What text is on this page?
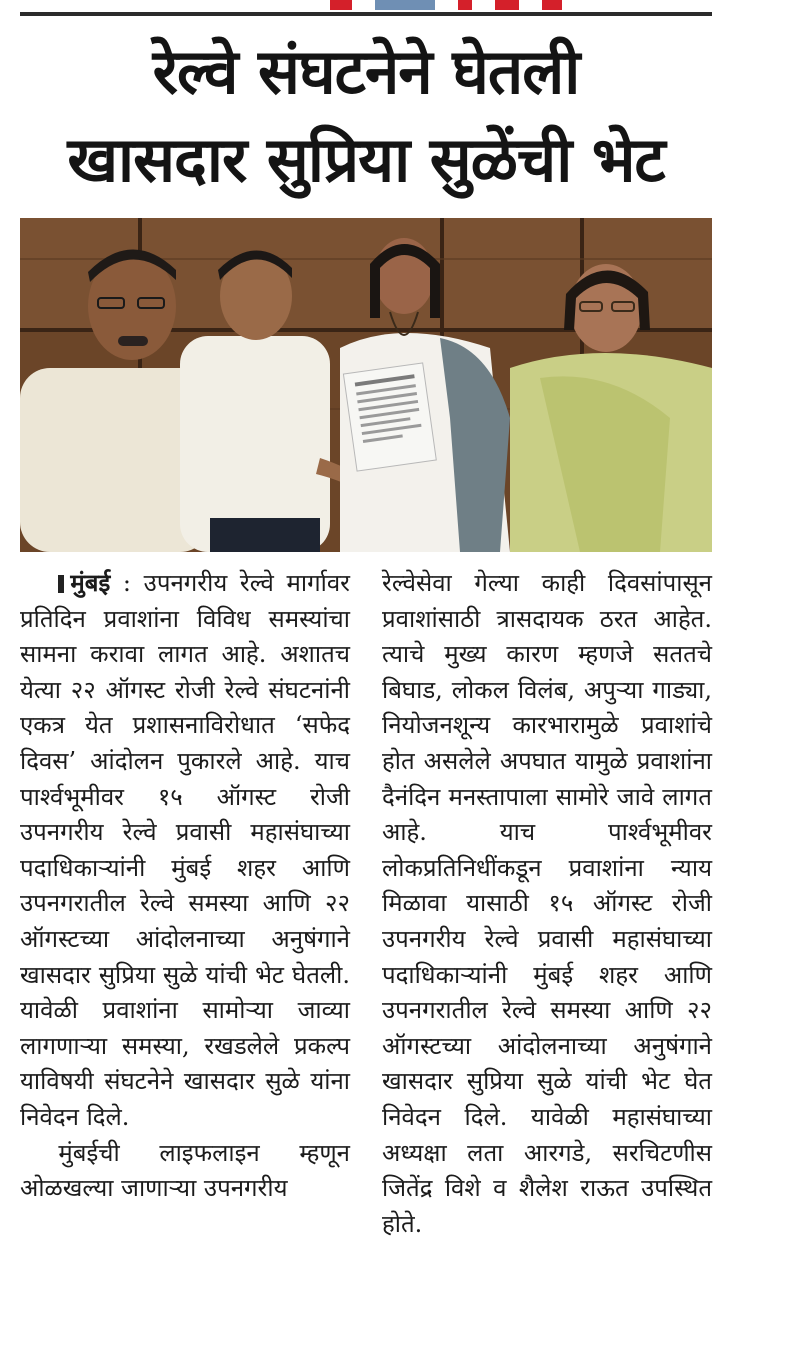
रेल्वे संघटनेने घेतली
खासदार सुप्रिया सुळेंची भेट

मुंबई : उपनगरीय रेल्वे मार्गावर प्रतिदिन प्रवाशांना विविध समस्यांचा सामना करावा लागत आहे. अशातच येत्या २२ ऑगस्ट रोजी रेल्वे संघटनांनी एकत्र येत प्रशासनाविरोधात ‘सफेद दिवस’ आंदोलन पुकारले आहे. याच पार्श्वभूमीवर १५ ऑगस्ट रोजी उपनगरीय रेल्वे प्रवासी महासंघाच्या पदाधिकाऱ्यांनी मुंबई शहर आणि उपनगरातील रेल्वे समस्या आणि २२ ऑगस्टच्या आंदोलनाच्या अनुषंगाने खासदार सुप्रिया सुळे यांची भेट घेतली. यावेळी प्रवाशांना सामोऱ्या जाव्या लागणाऱ्या समस्या, रखडलेले प्रकल्प याविषयी संघटनेने खासदार सुळे यांना निवेदन दिले.

मुंबईची लाइफलाइन म्हणून ओळखल्या जाणाऱ्या उपनगरीय

रेल्वेसेवा गेल्या काही दिवसांपासून प्रवाशांसाठी त्रासदायक ठरत आहेत. त्याचे मुख्य कारण म्हणजे सततचे बिघाड, लोकल विलंब, अपुऱ्या गाड्या, नियोजनशून्य कारभारामुळे प्रवाशांचे होत असलेले अपघात यामुळे प्रवाशांना दैनंदिन मनस्तापाला सामोरे जावे लागत आहे. याच पार्श्वभूमीवर लोकप्रतिनिधींकडून प्रवाशांना न्याय मिळावा यासाठी १५ ऑगस्ट रोजी उपनगरीय रेल्वे प्रवासी महासंघाच्या पदाधिकाऱ्यांनी मुंबई शहर आणि उपनगरातील रेल्वे समस्या आणि २२ ऑगस्टच्या आंदोलनाच्या अनुषंगाने खासदार सुप्रिया सुळे यांची भेट घेत निवेदन दिले. यावेळी महासंघाच्या अध्यक्षा लता आरगडे, सरचिटणीस जितेंद्र विशे व शैलेश राऊत उपस्थित होते.
